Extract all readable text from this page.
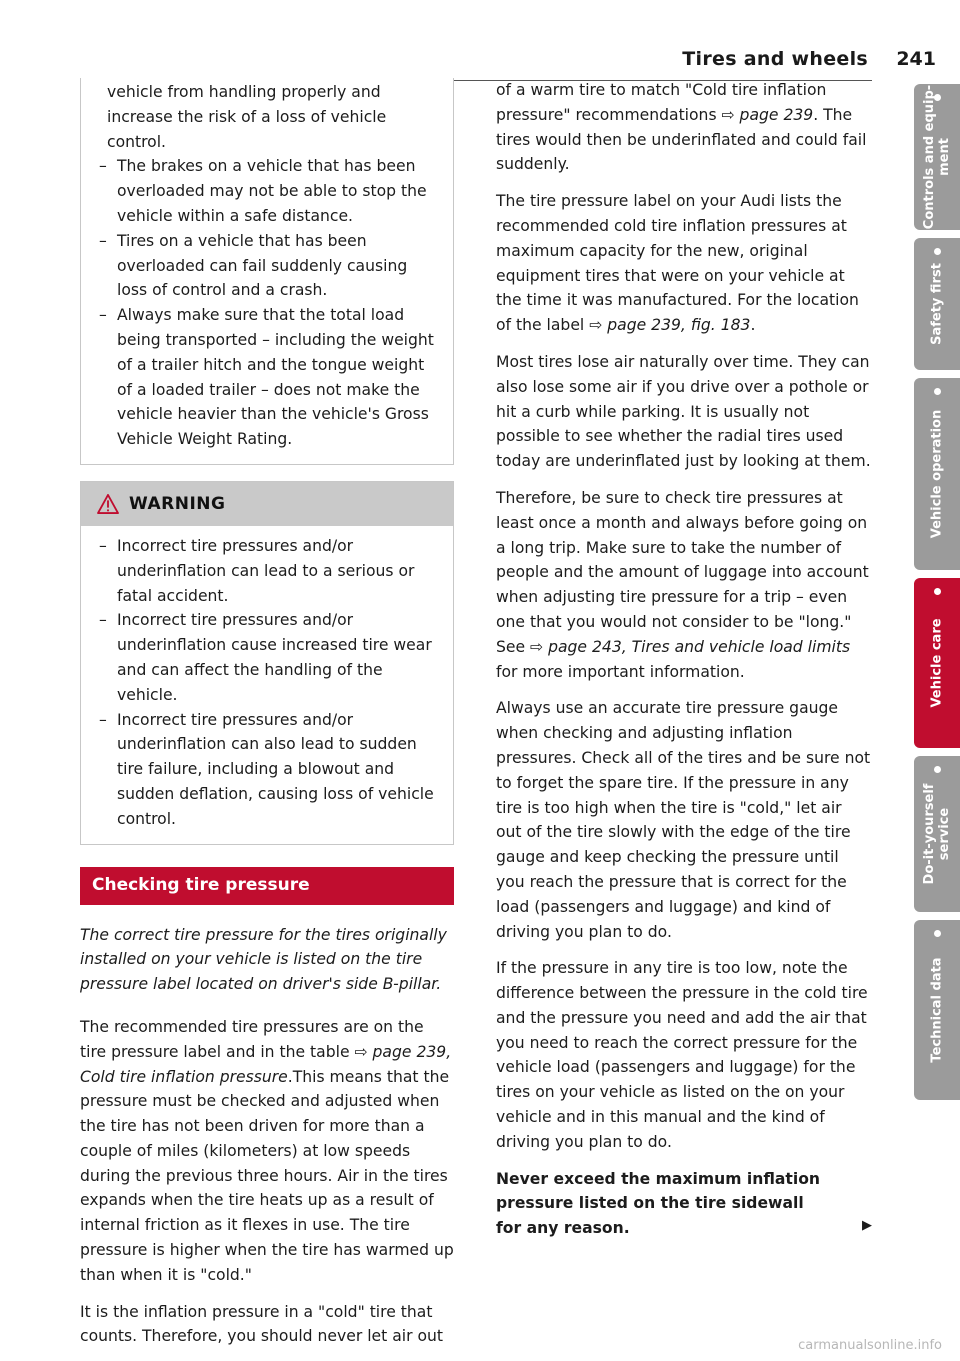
Tires and wheels 241

vehicle from handling properly and increase the risk of a loss of vehicle control.

– The brakes on a vehicle that has been overloaded may not be able to stop the vehicle within a safe distance.
– Tires on a vehicle that has been overloaded can fail suddenly causing loss of control and a crash.
– Always make sure that the total load being transported – including the weight of a trailer hitch and the tongue weight of a loaded trailer – does not make the vehicle heavier than the vehicle's Gross Vehicle Weight Rating.
WARNING
– Incorrect tire pressures and/or underinflation can lead to a serious or fatal accident.
– Incorrect tire pressures and/or underinflation cause increased tire wear and can affect the handling of the vehicle.
– Incorrect tire pressures and/or underinflation can also lead to sudden tire failure, including a blowout and sudden deflation, causing loss of vehicle control.
Checking tire pressure

The correct tire pressure for the tires originally installed on your vehicle is listed on the tire pressure label located on driver's side B-pillar.

The recommended tire pressures are on the tire pressure label and in the table ⇨ page 239, Cold tire inflation pressure.This means that the pressure must be checked and adjusted when the tire has not been driven for more than a couple of miles (kilometers) at low speeds during the previous three hours. Air in the tires expands when the tire heats up as a result of internal friction as it flexes in use. The tire pressure is higher when the tire has warmed up than when it is "cold."

It is the inflation pressure in a "cold" tire that counts. Therefore, you should never let air out

of a warm tire to match "Cold tire inflation pressure" recommendations ⇨ page 239. The tires would then be underinflated and could fail suddenly.

The tire pressure label on your Audi lists the recommended cold tire inflation pressures at maximum capacity for the new, original equipment tires that were on your vehicle at the time it was manufactured. For the location of the label ⇨ page 239, fig. 183.

Most tires lose air naturally over time. They can also lose some air if you drive over a pothole or hit a curb while parking. It is usually not possible to see whether the radial tires used today are underinflated just by looking at them.

Therefore, be sure to check tire pressures at least once a month and always before going on a long trip. Make sure to take the number of people and the amount of luggage into account when adjusting tire pressure for a trip – even one that you would not consider to be "long." See ⇨ page 243, Tires and vehicle load limits for more important information.

Always use an accurate tire pressure gauge when checking and adjusting inflation pressures. Check all of the tires and be sure not to forget the spare tire. If the pressure in any tire is too high when the tire is "cold," let air out of the tire slowly with the edge of the tire gauge and keep checking the pressure until you reach the pressure that is correct for the load (passengers and luggage) and kind of driving you plan to do.

If the pressure in any tire is too low, note the difference between the pressure in the cold tire and the pressure you need and add the air that you need to reach the correct pressure for the vehicle load (passengers and luggage) for the tires on your vehicle as listed on the on your vehicle and in this manual and the kind of driving you plan to do.

Never exceed the maximum inflation pressure listed on the tire sidewall for any reason.	▶

Controls and equip-
ment
Safety first
Vehicle operation
Vehicle care
Do-it-yourself
service
Technical data
carmanualsonline.info
